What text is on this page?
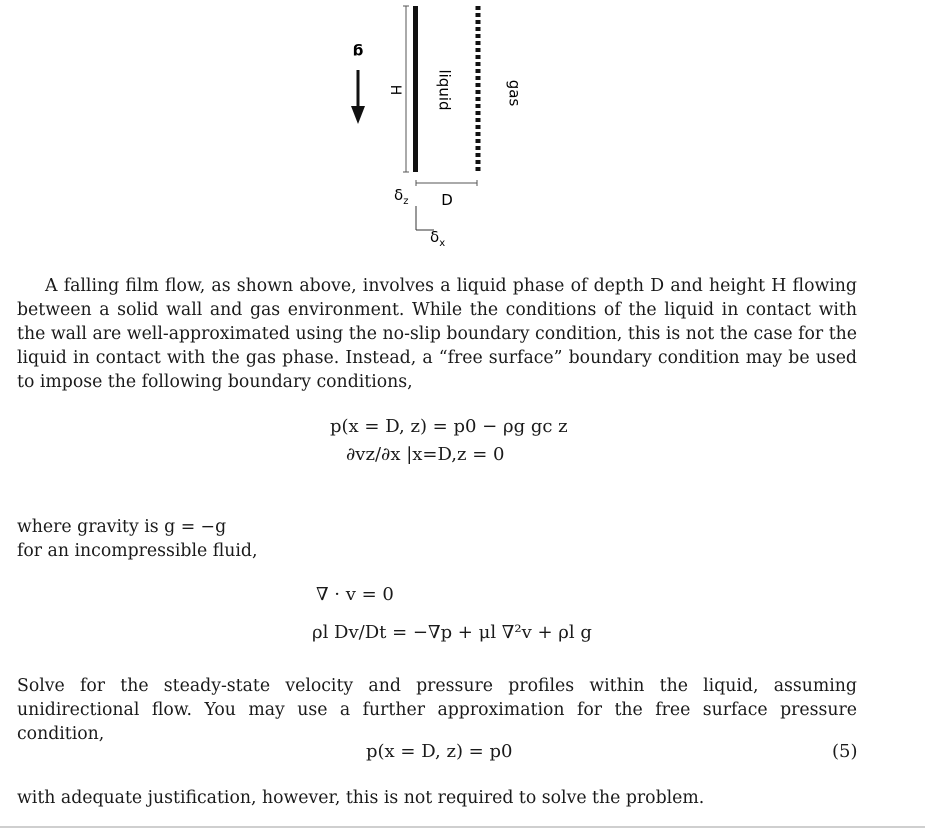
g
H liquid	gas
D
$\delta_z$
$\delta_x$
A falling film flow, as shown above, involves a liquid phase of depth D and height H flowing between a solid wall and gas environment. While the conditions of the liquid in contact with the wall are well-approximated using the no-slip boundary condition, this is not the case for the liquid in contact with the gas phase. Instead, a “free surface” boundary condition may be used to impose the following boundary conditions,
p(x = D, z) = p0 − ρg gc z
∂vz/∂x |x=D,z = 0
where gravity is g = −g
for an incompressible fluid,
∇ · v = 0
ρl Dv/Dt = −∇p + μl ∇²v + ρl g
Solve for the steady-state velocity and pressure profiles within the liquid, assuming unidirectional flow. You may use a further approximation for the free surface pressure condition,
p(x = D, z) = p0	(5)
with adequate justification, however, this is not required to solve the problem.
